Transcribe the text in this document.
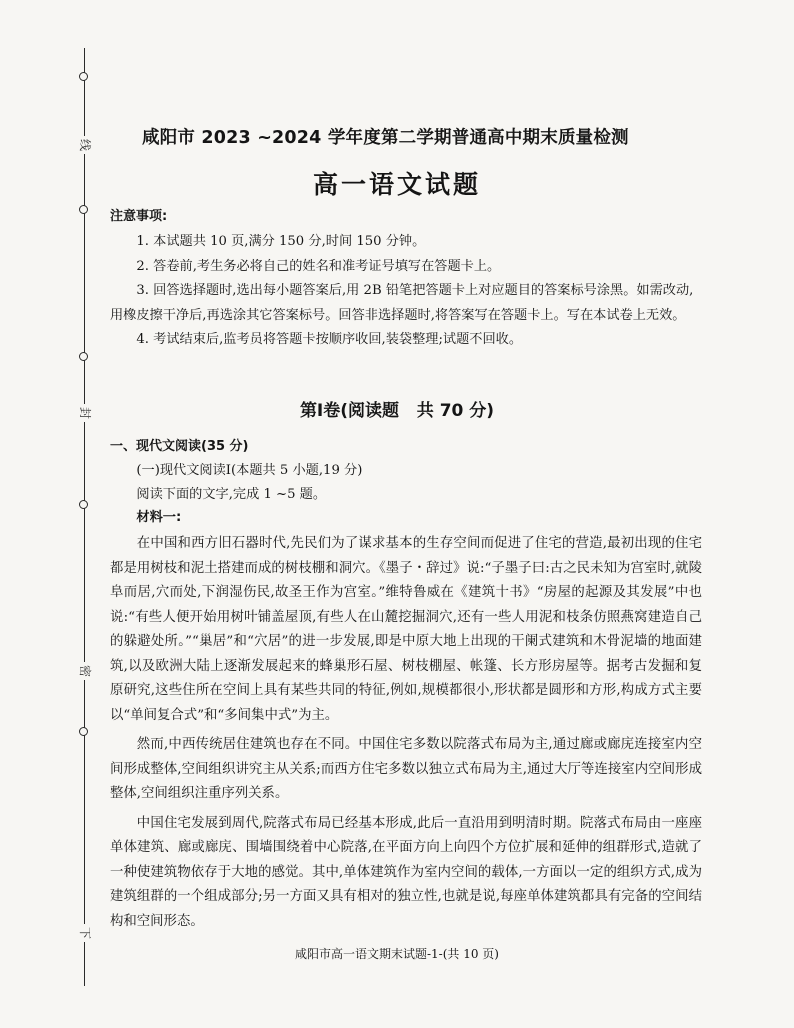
线
封
密
下
咸阳市 2023 ~2024 学年度第二学期普通高中期末质量检测
高一语文试题
注意事项:

1. 本试题共 10 页,满分 150 分,时间 150 分钟。

2. 答卷前,考生务必将自己的姓名和准考证号填写在答题卡上。

3. 回答选择题时,选出每小题答案后,用 2B 铅笔把答题卡上对应题目的答案标号涂黑。如需改动,用橡皮擦干净后,再选涂其它答案标号。回答非选择题时,将答案写在答题卡上。写在本试卷上无效。

4. 考试结束后,监考员将答题卡按顺序收回,装袋整理;试题不回收。

第Ⅰ卷(阅读题   共 70 分)
一、现代文阅读(35 分)

(一)现代文阅读Ⅰ(本题共 5 小题,19 分)

阅读下面的文字,完成 1 ~5 题。

材料一:

在中国和西方旧石器时代,先民们为了谋求基本的生存空间而促进了住宅的营造,最初出现的住宅都是用树枝和泥土搭建而成的树枝棚和洞穴。《墨子・辞过》说:“子墨子曰:古之民未知为宫室时,就陵阜而居,穴而处,下润湿伤民,故圣王作为宫室。”维特鲁威在《建筑十书》“房屋的起源及其发展”中也说:“有些人便开始用树叶铺盖屋顶,有些人在山麓挖掘洞穴,还有一些人用泥和枝条仿照燕窝建造自己的躲避处所。”“巢居”和“穴居”的进一步发展,即是中原大地上出现的干阑式建筑和木骨泥墙的地面建筑,以及欧洲大陆上逐渐发展起来的蜂巢形石屋、树枝棚屋、帐篷、长方形房屋等。据考古发掘和复原研究,这些住所在空间上具有某些共同的特征,例如,规模都很小,形状都是圆形和方形,构成方式主要以“单间复合式”和“多间集中式”为主。

然而,中西传统居住建筑也存在不同。中国住宅多数以院落式布局为主,通过廊或廊庑连接室内空间形成整体,空间组织讲究主从关系;而西方住宅多数以独立式布局为主,通过大厅等连接室内空间形成整体,空间组织注重序列关系。

中国住宅发展到周代,院落式布局已经基本形成,此后一直沿用到明清时期。院落式布局由一座座单体建筑、廊或廊庑、围墙围绕着中心院落,在平面方向上向四个方位扩展和延伸的组群形式,造就了一种使建筑物依存于大地的感觉。其中,单体建筑作为室内空间的载体,一方面以一定的组织方式,成为建筑组群的一个组成部分;另一方面又具有相对的独立性,也就是说,每座单体建筑都具有完备的空间结构和空间形态。

咸阳市高一语文期末试题-1-(共 10 页)
